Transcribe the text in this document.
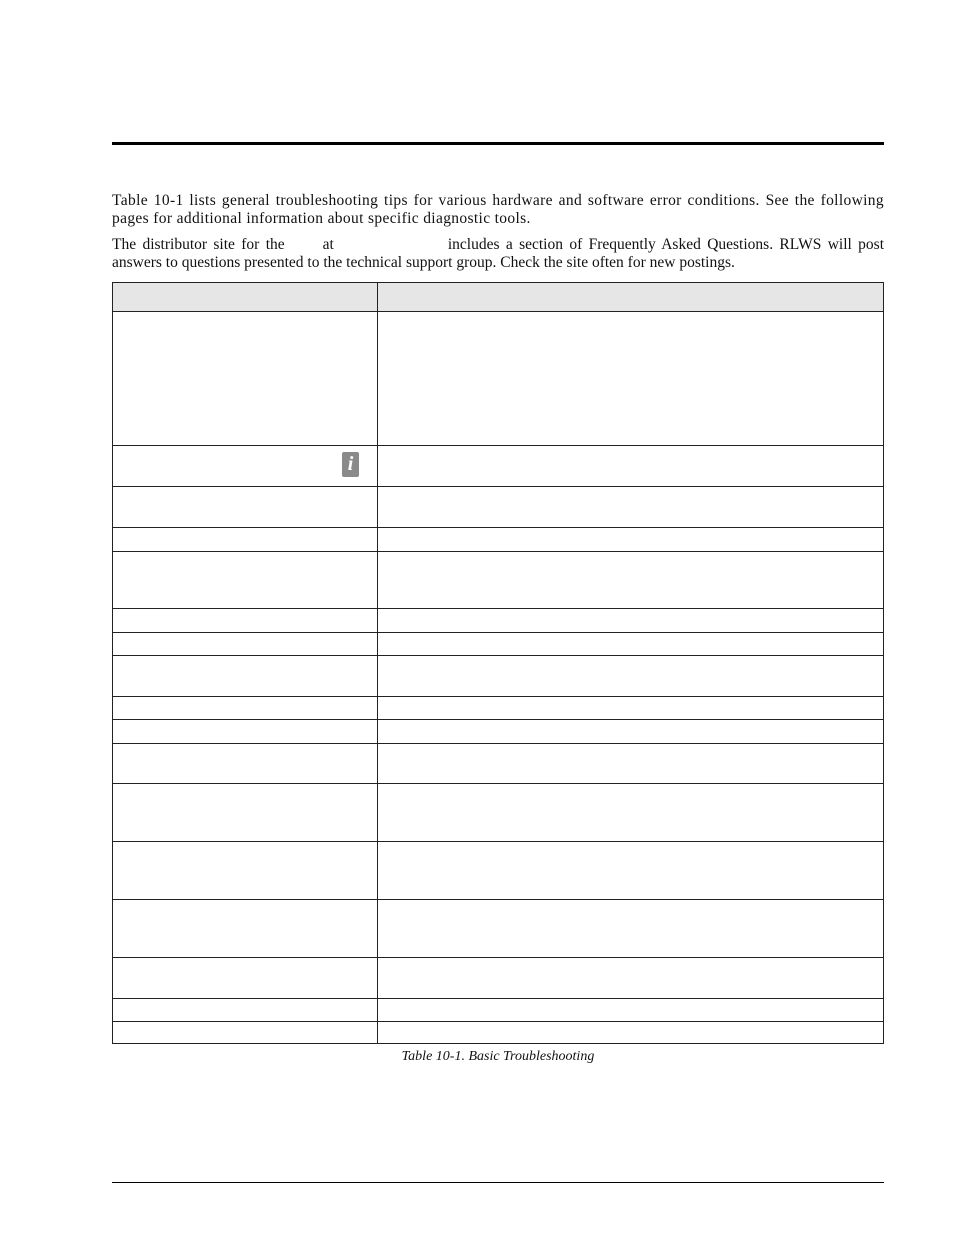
Table 10-1 lists general troubleshooting tips for various hardware and software error conditions. See the following pages for additional information about specific diagnostic tools.

The distributor site for the at	includes a section of Frequently Asked Questions. RLWS will post answers to questions presented to the technical support group. Check the site often for new postings.

i	

Table 10-1. Basic Troubleshooting
